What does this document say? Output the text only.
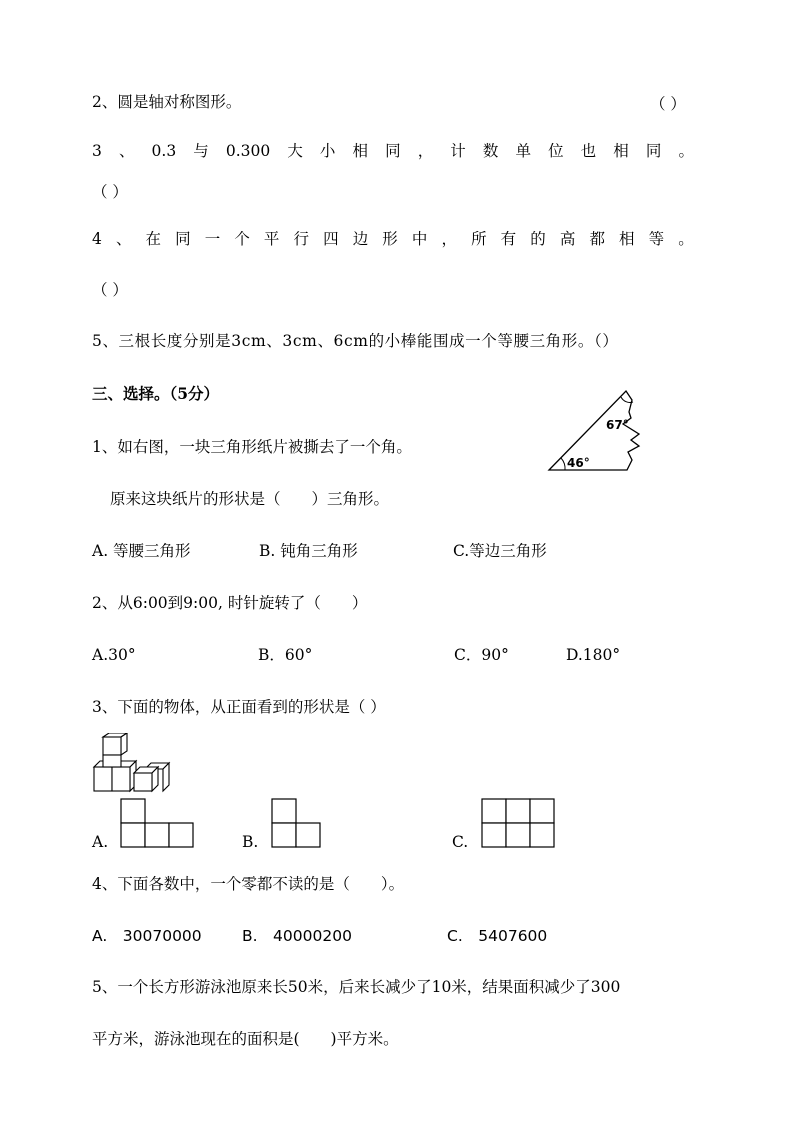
2、圆是轴对称图形。	（ ）
3 、 0.3 与 0.300 大 小 相 同 ， 计 数 单 位 也 相 同 。
（ ）
4 、 在 同 一 个 平 行 四 边 形 中 ， 所 有 的 高 都 相 等 。
（ ）
5、三根长度分别是3cm、3cm、6cm的小棒能围成一个等腰三角形。（）
三、选择。（5分）
1、如右图，一块三角形纸片被撕去了一个角。
67°
46°
原来这块纸片的形状是（　　）三角形。
A. 等腰三角形	B. 钝角三角形	C.等边三角形
2、从6:00到9:00, 时针旋转了（　　）
A.30°	B．60°	C．90°	D.180°
3、下面的物体，从正面看到的形状是（ ）
A.	B.	C.
4、下面各数中，一个零都不读的是（　　）。
A.　30070000	B.　40000200	C.　5407600
5、一个长方形游泳池原来长50米，后来长减少了10米，结果面积减少了300
平方米，游泳池现在的面积是(　　)平方米。
